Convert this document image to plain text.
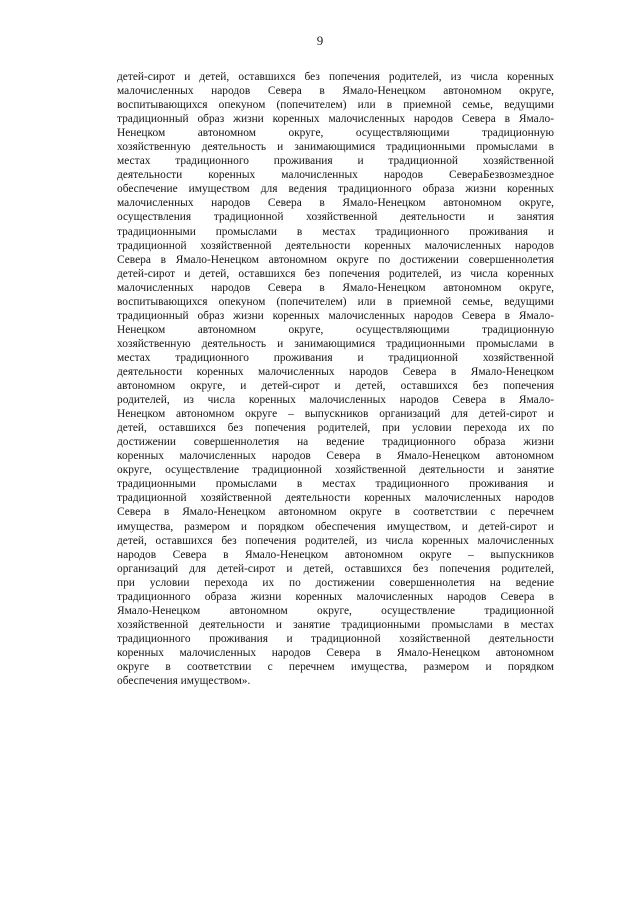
9
детей-сирот и детей, оставшихся без попечения родителей, из числа коренных
малочисленных народов Севера в Ямало-Ненецком автономном округе,
воспитывающихся опекуном (попечителем) или в приемной семье, ведущими
традиционный образ жизни коренных малочисленных народов Севера в Ямало-
Ненецком автономном округе, осуществляющими традиционную
хозяйственную деятельность и занимающимися традиционными промыслами в
местах традиционного проживания и традиционной хозяйственной
деятельности коренных малочисленных народов СевераБезвозмездное
обеспечение имуществом для ведения традиционного образа жизни коренных
малочисленных народов Севера в Ямало-Ненецком автономном округе,
осуществления традиционной хозяйственной деятельности и занятия
традиционными промыслами в местах традиционного проживания и
традиционной хозяйственной деятельности коренных малочисленных народов
Севера в Ямало-Ненецком автономном округе по достижении совершеннолетия
детей-сирот и детей, оставшихся без попечения родителей, из числа коренных
малочисленных народов Севера в Ямало-Ненецком автономном округе,
воспитывающихся опекуном (попечителем) или в приемной семье, ведущими
традиционный образ жизни коренных малочисленных народов Севера в Ямало-
Ненецком автономном округе, осуществляющими традиционную
хозяйственную деятельность и занимающимися традиционными промыслами в
местах традиционного проживания и традиционной хозяйственной
деятельности коренных малочисленных народов Севера в Ямало-Ненецком
автономном округе, и детей-сирот и детей, оставшихся без попечения
родителей, из числа коренных малочисленных народов Севера в Ямало-
Ненецком автономном округе – выпускников организаций для детей-сирот и
детей, оставшихся без попечения родителей, при условии перехода их по
достижении совершеннолетия на ведение традиционного образа жизни
коренных малочисленных народов Севера в Ямало-Ненецком автономном
округе, осуществление традиционной хозяйственной деятельности и занятие
традиционными промыслами в местах традиционного проживания и
традиционной хозяйственной деятельности коренных малочисленных народов
Севера в Ямало-Ненецком автономном округе в соответствии с перечнем
имущества, размером и порядком обеспечения имуществом, и детей-сирот и
детей, оставшихся без попечения родителей, из числа коренных малочисленных
народов Севера в Ямало-Ненецком автономном округе – выпускников
организаций для детей-сирот и детей, оставшихся без попечения родителей,
при условии перехода их по достижении совершеннолетия на ведение
традиционного образа жизни коренных малочисленных народов Севера в
Ямало-Ненецком автономном округе, осуществление традиционной
хозяйственной деятельности и занятие традиционными промыслами в местах
традиционного проживания и традиционной хозяйственной деятельности
коренных малочисленных народов Севера в Ямало-Ненецком автономном
округе в соответствии с перечнем имущества, размером и порядком
обеспечения имуществом».
